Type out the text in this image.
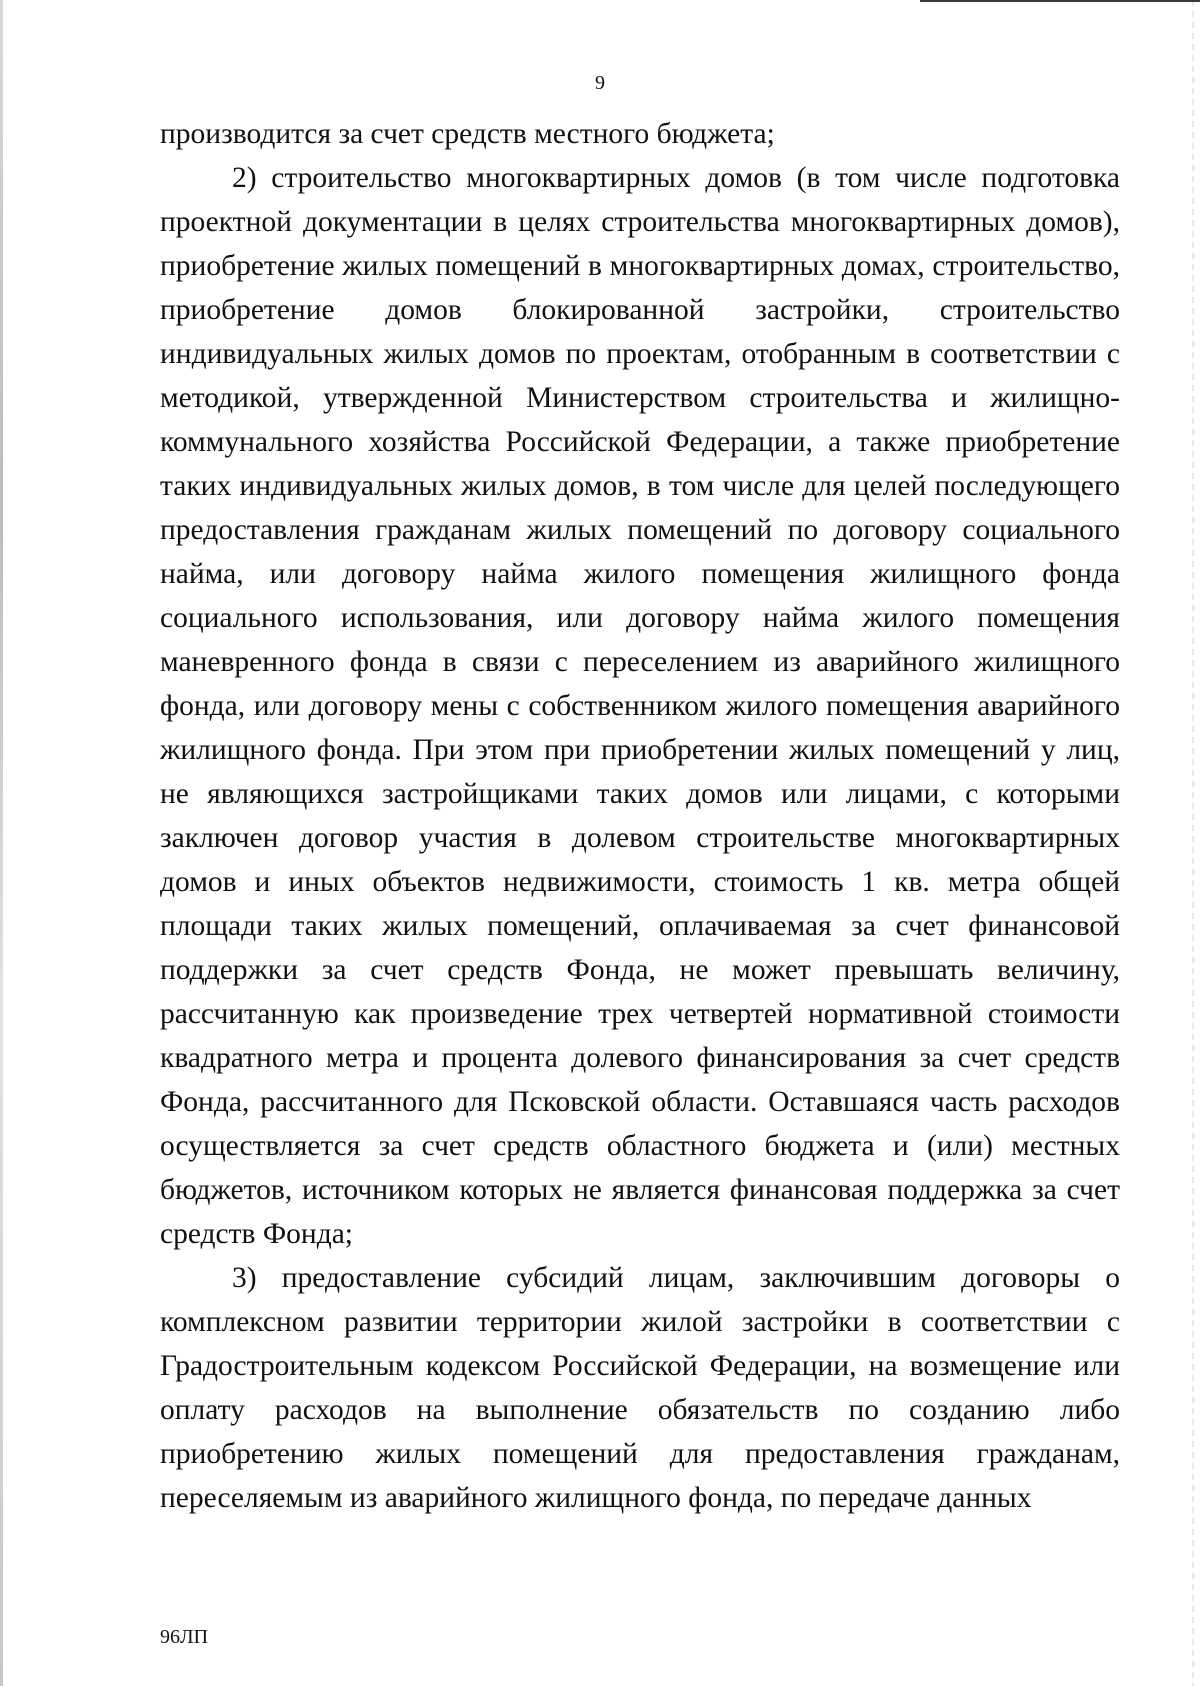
9

производится за счет средств местного бюджета;

2) строительство многоквартирных домов (в том числе подготовка проектной документации в целях строительства многоквартирных домов), приобретение жилых помещений в многоквартирных домах, строительство, приобретение домов блокированной застройки, строительство индивидуальных жилых домов по проектам, отобранным в соответствии с методикой, утвержденной Министерством строительства и жилищно-коммунального хозяйства Российской Федерации, а также приобретение таких индивидуальных жилых домов, в том числе для целей последующего предоставления гражданам жилых помещений по договору социального найма, или договору найма жилого помещения жилищного фонда социального использования, или договору найма жилого помещения маневренного фонда в связи с переселением из аварийного жилищного фонда, или договору мены с собственником жилого помещения аварийного жилищного фонда. При этом при приобретении жилых помещений у лиц, не являющихся застройщиками таких домов или лицами, с которыми заключен договор участия в долевом строительстве многоквартирных домов и иных объектов недвижимости, стоимость 1 кв. метра общей площади таких жилых помещений, оплачиваемая за счет финансовой поддержки за счет средств Фонда, не может превышать величину, рассчитанную как произведение трех четвертей нормативной стоимости квадратного метра и процента долевого финансирования за счет средств Фонда, рассчитанного для Псковской области. Оставшаяся часть расходов осуществляется за счет средств областного бюджета и (или) местных бюджетов, источником которых не является финансовая поддержка за счет средств Фонда;

3) предоставление субсидий лицам, заключившим договоры о комплексном развитии территории жилой застройки в соответствии с Градостроительным кодексом Российской Федерации, на возмещение или оплату расходов на выполнение обязательств по созданию либо приобретению жилых помещений для предоставления гражданам, переселяемым из аварийного жилищного фонда, по передаче данных

96ЛП
